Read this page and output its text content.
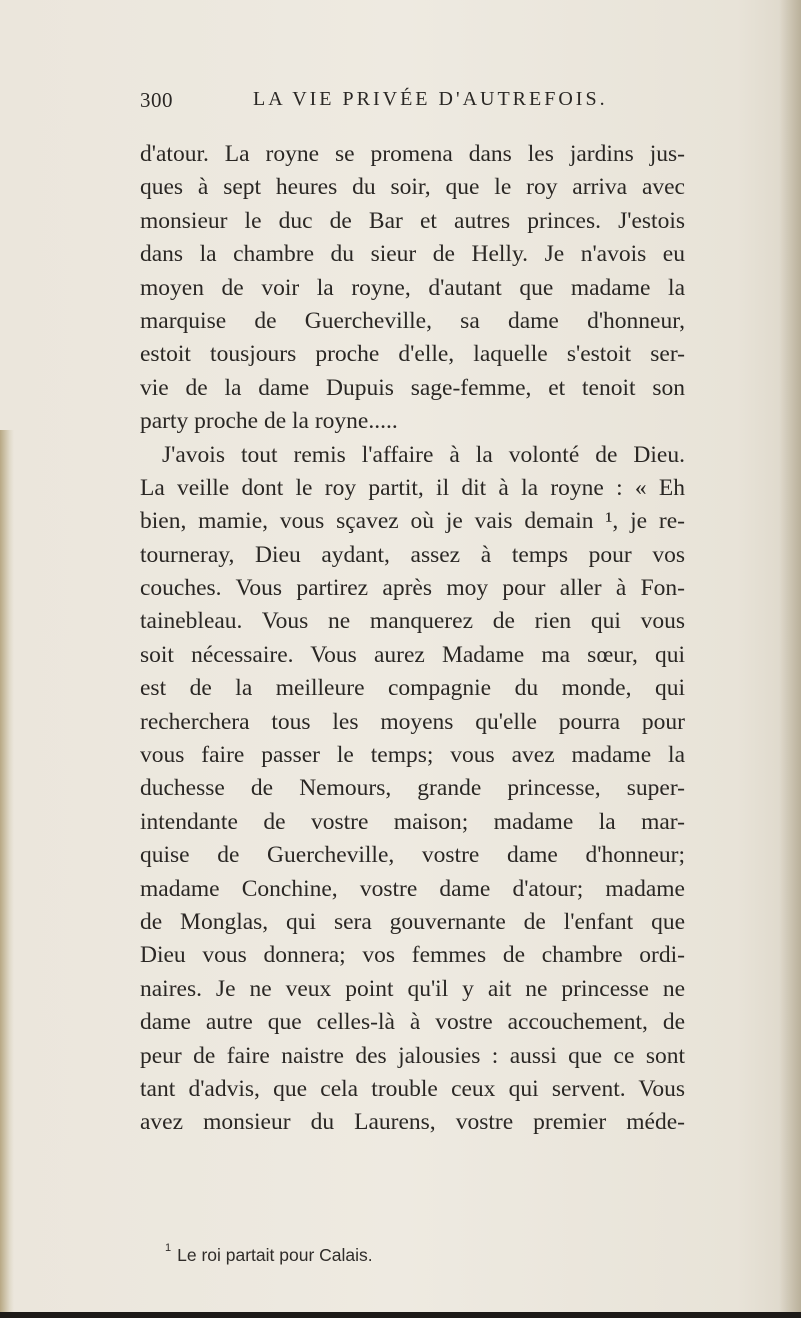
300	LA VIE PRIVÉE D'AUTREFOIS.
d'atour. La royne se promena dans les jardins jus-
ques à sept heures du soir, que le roy arriva avec
monsieur le duc de Bar et autres princes. J'estois
dans la chambre du sieur de Helly. Je n'avois eu
moyen de voir la royne, d'autant que madame la
marquise de Guercheville, sa dame d'honneur,
estoit tousjours proche d'elle, laquelle s'estoit ser-
vie de la dame Dupuis sage-femme, et tenoit son
party proche de la royne.....
J'avois tout remis l'affaire à la volonté de Dieu.
La veille dont le roy partit, il dit à la royne : « Eh
bien, mamie, vous sçavez où je vais demain ¹, je re-
tourneray, Dieu aydant, assez à temps pour vos
couches. Vous partirez après moy pour aller à Fon-
tainebleau. Vous ne manquerez de rien qui vous
soit nécessaire. Vous aurez Madame ma sœur, qui
est de la meilleure compagnie du monde, qui
recherchera tous les moyens qu'elle pourra pour
vous faire passer le temps; vous avez madame la
duchesse de Nemours, grande princesse, super-
intendante de vostre maison; madame la mar-
quise de Guercheville, vostre dame d'honneur;
madame Conchine, vostre dame d'atour; madame
de Monglas, qui sera gouvernante de l'enfant que
Dieu vous donnera; vos femmes de chambre ordi-
naires. Je ne veux point qu'il y ait ne princesse ne
dame autre que celles-là à vostre accouchement, de
peur de faire naistre des jalousies : aussi que ce sont
tant d'advis, que cela trouble ceux qui servent. Vous
avez monsieur du Laurens, vostre premier méde-
$^1$ Le roi partait pour Calais.
